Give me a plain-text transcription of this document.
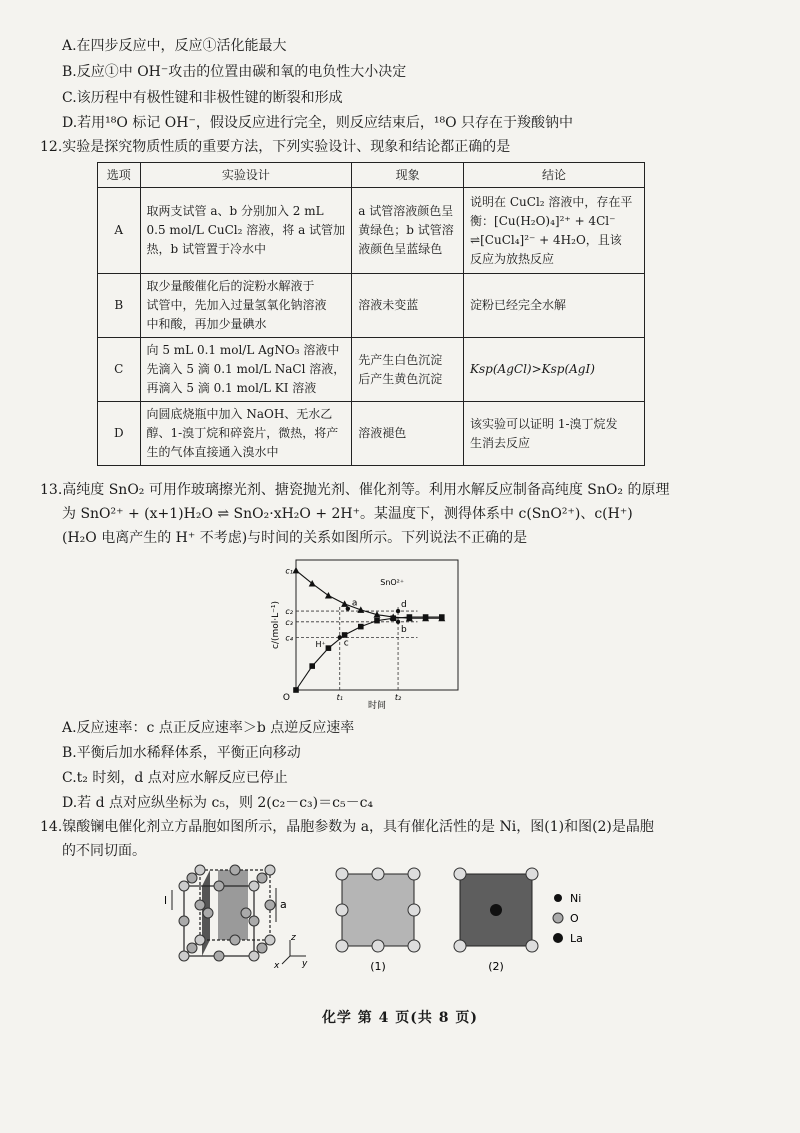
A.在四步反应中，反应①活化能最大
B.反应①中 OH⁻攻击的位置由碳和氧的电负性大小决定
C.该历程中有极性键和非极性键的断裂和形成
D.若用¹⁸O 标记 OH⁻，假设反应进行完全，则反应结束后，¹⁸O 只存在于羧酸钠中
12.实验是探究物质性质的重要方法，下列实验设计、现象和结论都正确的是
选项	实验设计	现象	结论
A	取两支试管 a、b 分别加入 2 mL
0.5 mol/L CuCl₂ 溶液，将 a 试管加
热，b 试管置于冷水中	a 试管溶液颜色呈
黄绿色；b 试管溶
液颜色呈蓝绿色	说明在 CuCl₂ 溶液中，存在平
衡：[Cu(H₂O)₄]²⁺ + 4Cl⁻
⇌[CuCl₄]²⁻ + 4H₂O，且该
反应为放热反应

B	取少量酸催化后的淀粉水解液于
试管中，先加入过量氢氧化钠溶液
中和酸，再加少量碘水	溶液未变蓝	淀粉已经完全水解

C	向 5 mL 0.1 mol/L AgNO₃ 溶液中
先滴入 5 滴 0.1 mol/L NaCl 溶液，
再滴入 5 滴 0.1 mol/L KI 溶液	先产生白色沉淀
后产生黄色沉淀	Ksp(AgCl)>Ksp(AgI)

D	向圆底烧瓶中加入 NaOH、无水乙
醇、1-溴丁烷和碎瓷片，微热，将产
生的气体直接通入溴水中	溶液褪色	该实验可以证明 1-溴丁烷发
生消去反应
13.高纯度 SnO₂ 可用作玻璃擦光剂、搪瓷抛光剂、催化剂等。利用水解反应制备高纯度 SnO₂ 的原理
为 SnO²⁺ + (x+1)H₂O ⇌ SnO₂·xH₂O + 2H⁺。某温度下，测得体系中 c(SnO²⁺)、c(H⁺)
(H₂O 电离产生的 H⁺ 不考虑)与时间的关系如图所示。下列说法不正确的是
O
时间
c/(mol·L⁻¹)
c₁
c₂
c₃
c₄
t₁	t₂
SnO²⁺
H⁺
a
b
c
d
A.反应速率：c 点正反应速率＞b 点逆反应速率
B.平衡后加水稀释体系，平衡正向移动
C.t₂ 时刻，d 点对应水解反应已停止
D.若 d 点对应纵坐标为 c₅，则 2(c₂－c₃)＝c₅－c₄
14.镍酸镧电催化剂立方晶胞如图所示，晶胞参数为 a，具有催化活性的是 Ni，图(1)和图(2)是晶胞
的不同切面。
a
l
z
y
x	(1)	(2)
Ni
O
La
化学 第 4 页(共 8 页)
